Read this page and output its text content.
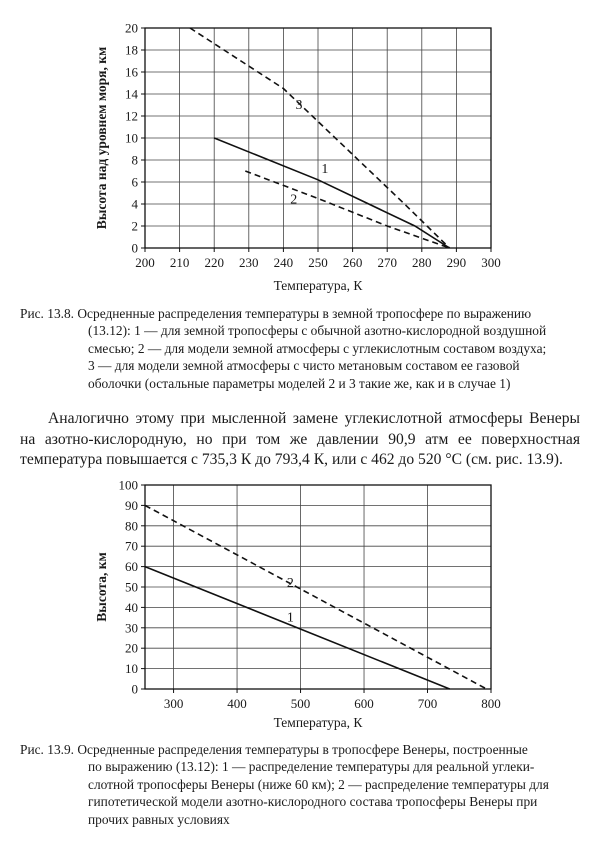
200 210 220 230 240 250 260 270 280 290 300
0
2
4
6
8
10
12
14
16
18
20
1
2
3
Температура, К
Высота над уровнем моря, км

Рис. 13.8. Осредненные распределения температуры в земной тропосфере по выражению

(13.12): 1 — для земной тропосферы с обычной азотно-кислородной воздушной

смесью; 2 — для модели земной атмосферы с углекислотным составом воздуха;

3 — для модели земной атмосферы с чисто метановым составом ее газовой

оболочки (остальные параметры моделей 2 и 3 такие же, как и в случае 1)

Аналогично этому при мысленной замене углекислотной атмосферы Венеры на азотно-кислородную, но при том же давлении 90,9 атм ее поверхностная температура повышается с 735,3 К до 793,4 К, или с 462 до 520 °С (см. рис. 13.9).

300	400	500	600	700	800
0
10
20
30
40
50
60
70
80
90
100
1
2
Температура, К
Высота, км

Рис. 13.9. Осредненные распределения температуры в тропосфере Венеры, построенные

по выражению (13.12): 1 — распределение температуры для реальной углеки-

слотной тропосферы Венеры (ниже 60 км); 2 — распределение температуры для

гипотетической модели азотно-кислородного состава тропосферы Венеры при

прочих равных условиях
